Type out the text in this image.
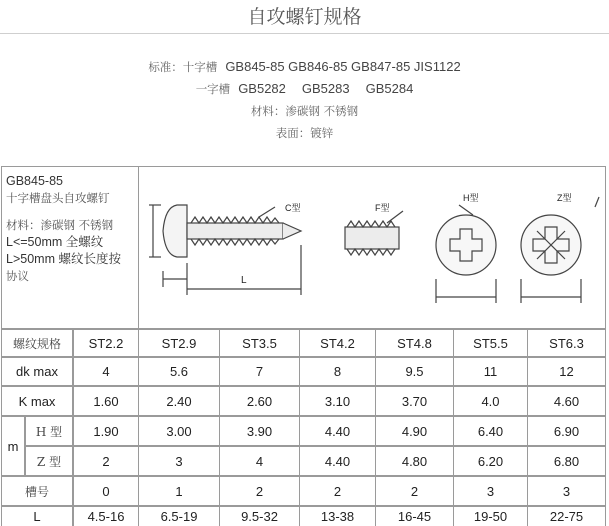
自攻螺钉规格
标准：十字槽 GB845-85 GB846-85 GB847-85 JIS1122
一字槽 GB5282 GB5283 GB5284
材料：渗碳钢 不锈钢
表面：镀锌
GB845-85
十字槽盘头自攻螺钉
材料：渗碳钢 不锈钢
L<=50mm 全螺纹
L>50mm 螺纹长度按
协议
C型	F型
H型	Z型
L
螺纹规格	ST2.2	ST2.9	ST3.5	ST4.2	ST4.8	ST5.5	ST6.3
dk max	4	5.6	7	8	9.5	11	12
K max	1.60	2.40	2.60	3.10	3.70	4.0	4.60
m
H 型	1.90	3.00	3.90	4.40	4.90	6.40	6.90
Z 型	2	3	4	4.40	4.80	6.20	6.80
槽号	0	1	2	2	2	3	3
L	4.5-16	6.5-19	9.5-32	13-38	16-45	19-50	22-75
